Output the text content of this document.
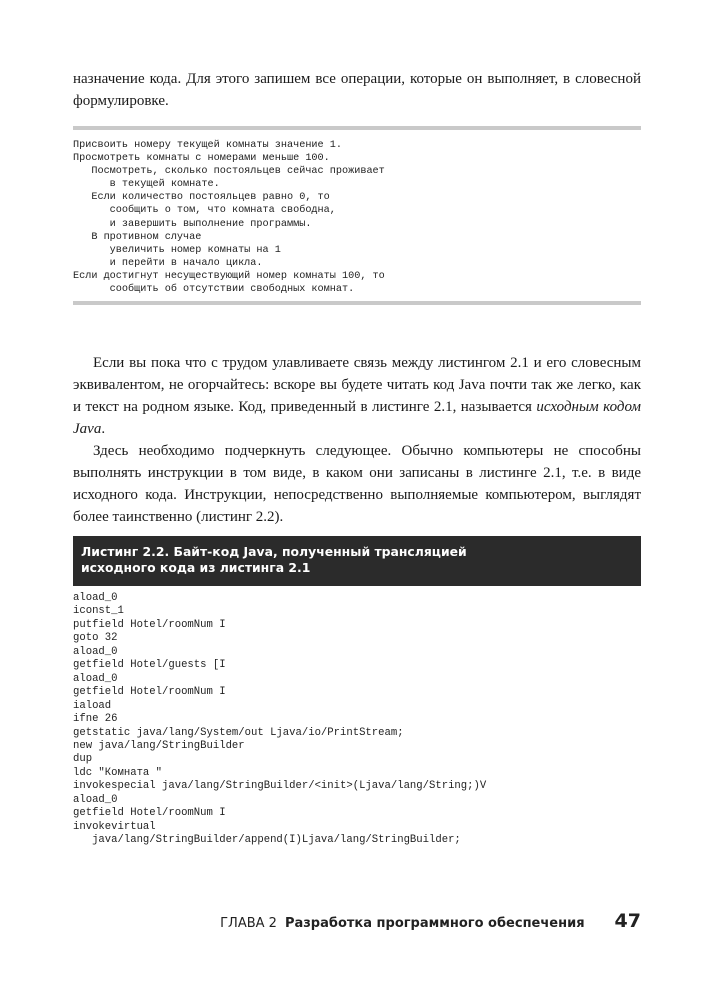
назначение кода. Для этого запишем все операции, которые он выполняет, в словесной формулировке.

Присвоить номеру текущей комнаты значение 1.
Просмотреть комнаты с номерами меньше 100.
Посмотреть, сколько постояльцев сейчас проживает
в текущей комнате.
Если количество постояльцев равно 0, то
сообщить о том, что комната свободна,
и завершить выполнение программы.
В противном случае
увеличить номер комнаты на 1
и перейти в начало цикла.
Если достигнут несуществующий номер комнаты 100, то
сообщить об отсутствии свободных комнат.

Если вы пока что с трудом улавливаете связь между листингом 2.1 и его словесным эквивалентом, не огорчайтесь: вскоре вы будете читать код Java почти так же легко, как и текст на родном языке. Код, приведенный в листинге 2.1, называется исходным кодом Java.

Здесь необходимо подчеркнуть следующее. Обычно компьютеры не способны выполнять инструкции в том виде, в каком они записаны в листинге 2.1, т.е. в виде исходного кода. Инструкции, непосредственно выполняемые компьютером, выглядят более таинственно (листинг 2.2).

Листинг 2.2. Байт-код Java, полученный трансляцией
исходного кода из листинга 2.1
aload_0
iconst_1
putfield Hotel/roomNum I
goto 32
aload_0
getfield Hotel/guests [I
aload_0
getfield Hotel/roomNum I
iaload
ifne 26
getstatic java/lang/System/out Ljava/io/PrintStream;
new java/lang/StringBuilder
dup
ldc "Комната "
invokespecial java/lang/StringBuilder/<init>(Ljava/lang/String;)V
aload_0
getfield Hotel/roomNum I
invokevirtual
java/lang/StringBuilder/append(I)Ljava/lang/StringBuilder;
ГЛАВА 2 Разработка программного обеспечения 47
